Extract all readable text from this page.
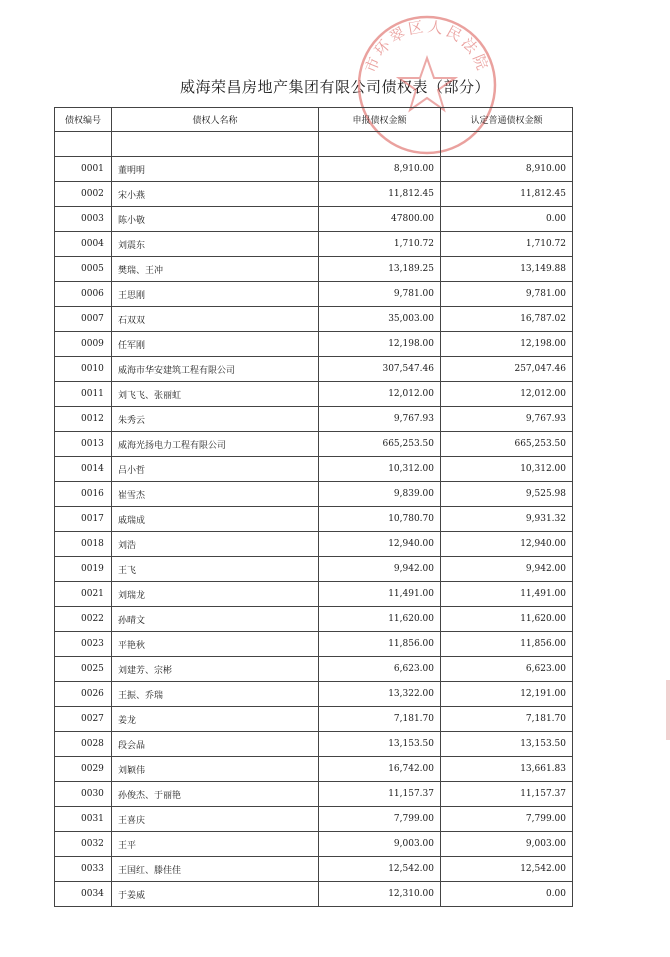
威海荣昌房地产集团有限公司债权表（部分）
市环翠区人民法院
债权编号	债权人名称	申报债权金额	认定普通债权金额

0001	董明明	8,910.00	8,910.00
0002	宋小燕	11,812.45	11,812.45
0003	陈小敬	47800.00	0.00
0004	刘震东	1,710.72	1,710.72
0005	樊瑞、王冲	13,189.25	13,149.88
0006	王思刚	9,781.00	9,781.00
0007	石双双	35,003.00	16,787.02
0009	任军刚	12,198.00	12,198.00
0010	威海市华安建筑工程有限公司	307,547.46	257,047.46
0011	刘飞飞、张丽虹	12,012.00	12,012.00
0012	朱秀云	9,767.93	9,767.93
0013	威海光扬电力工程有限公司	665,253.50	665,253.50
0014	吕小哲	10,312.00	10,312.00
0016	崔雪杰	9,839.00	9,525.98
0017	戚瑞成	10,780.70	9,931.32
0018	刘浩	12,940.00	12,940.00
0019	王飞	9,942.00	9,942.00
0021	刘瑞龙	11,491.00	11,491.00
0022	孙晴文	11,620.00	11,620.00
0023	平艳秋	11,856.00	11,856.00
0025	刘建芳、宗彬	6,623.00	6,623.00
0026	王振、乔瑞	13,322.00	12,191.00
0027	姜龙	7,181.70	7,181.70
0028	段会晶	13,153.50	13,153.50
0029	刘颖伟	16,742.00	13,661.83
0030	孙俊杰、于丽艳	11,157.37	11,157.37
0031	王喜庆	7,799.00	7,799.00
0032	王平	9,003.00	9,003.00
0033	王国红、滕佳佳	12,542.00	12,542.00
0034	于姜威	12,310.00	0.00
